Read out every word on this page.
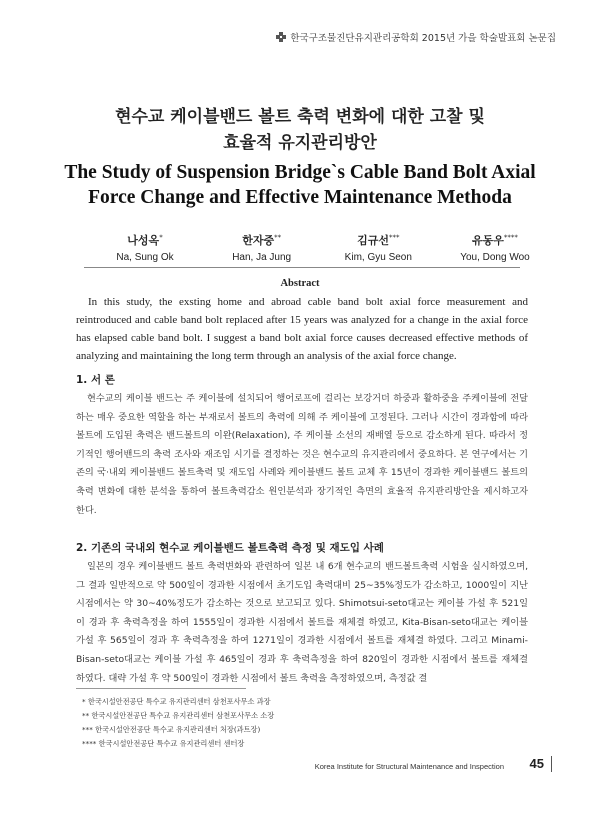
한국구조물진단유지관리공학회 2015년 가을 학술발표회 논문집
현수교 케이블밴드 볼트 축력 변화에 대한 고찰 및
효율적 유지관리방안
The Study of Suspension Bridge`s Cable Band Bolt Axial
Force Change and Effective Maintenance Methoda
나성옥*
Na, Sung Ok
한자중**
Han, Ja Jung
김규선***
Kim, Gyu Seon
유동우****
You, Dong Woo
Abstract
In this study, the exsting home and abroad cable band bolt axial force measurement and reintroduced and cable band bolt replaced after 15 years was analyzed for a change in the axial force has elapsed cable band bolt. I suggest a band bolt axial force causes decreased effective methods of analyzing and maintaining the long term through an analysis of the axial force change.
1. 서 론
현수교의 케이블 밴드는 주 케이블에 설치되어 행어로프에 걸리는 보강거더 하중과 활하중을 주케이블에 전달하는 매우 중요한 역할을 하는 부재로서 볼트의 축력에 의해 주 케이블에 고정된다. 그러나 시간이 경과함에 따라 볼트에 도입된 축력은 밴드볼트의 이완(Relaxation), 주 케이블 소선의 재배열 등으로 감소하게 된다. 따라서 정기적인 행어밴드의 축력 조사와 재조임 시기를 결정하는 것은 현수교의 유지관리에서 중요하다. 본 연구에서는 기존의 국·내외 케이블밴드 볼트축력 및 재도입 사례와 케이블밴드 볼트 교체 후 15년이 경과한 케이블밴드 볼트의 축력 변화에 대한 분석을 통하여 볼트축력감소 원인분석과 장기적인 측면의 효율적 유지관리방안을 제시하고자 한다.
2. 기존의 국내외 현수교 케이블밴드 볼트축력 측정 및 재도입 사례
일본의 경우 케이블밴드 볼트 축력변화와 관련하여 일본 내 6개 현수교의 밴드볼트축력 시험을 실시하였으며, 그 결과 일반적으로 약 500일이 경과한 시점에서 초기도입 축력대비 25~35%정도가 감소하고, 1000일이 지난 시점에서는 약 30~40%정도가 감소하는 것으로 보고되고 있다. Shimotsui-seto대교는 케이블 가설 후 521일이 경과 후 축력측정을 하여 1555일이 경과한 시점에서 볼트를 재체결 하였고, Kita-Bisan-seto대교는 케이블 가설 후 565일이 경과 후 축력측정을 하여 1271일이 경과한 시점에서 볼트를 재체결 하였다. 그리고 Minami-Bisan-seto대교는 케이블 가설 후 465일이 경과 후 축력측정을 하여 820일이 경과한 시점에서 볼트를 재체결 하였다. 대략 가설 후 약 500일이 경과한 시점에서 볼트 축력을 측정하였으며, 측정값 결
* 한국시설안전공단 특수교 유지관리센터 삼천포사무소 과장
** 한국시설안전공단 특수교 유지관리센터 삼천포사무소 소장
*** 한국시설안전공단 특수교 유지관리센터 처장(과트장)
**** 한국시설안전공단 특수교 유지관리센터 센터장
Korea Institute for Structural Maintenance and Inspection 45
